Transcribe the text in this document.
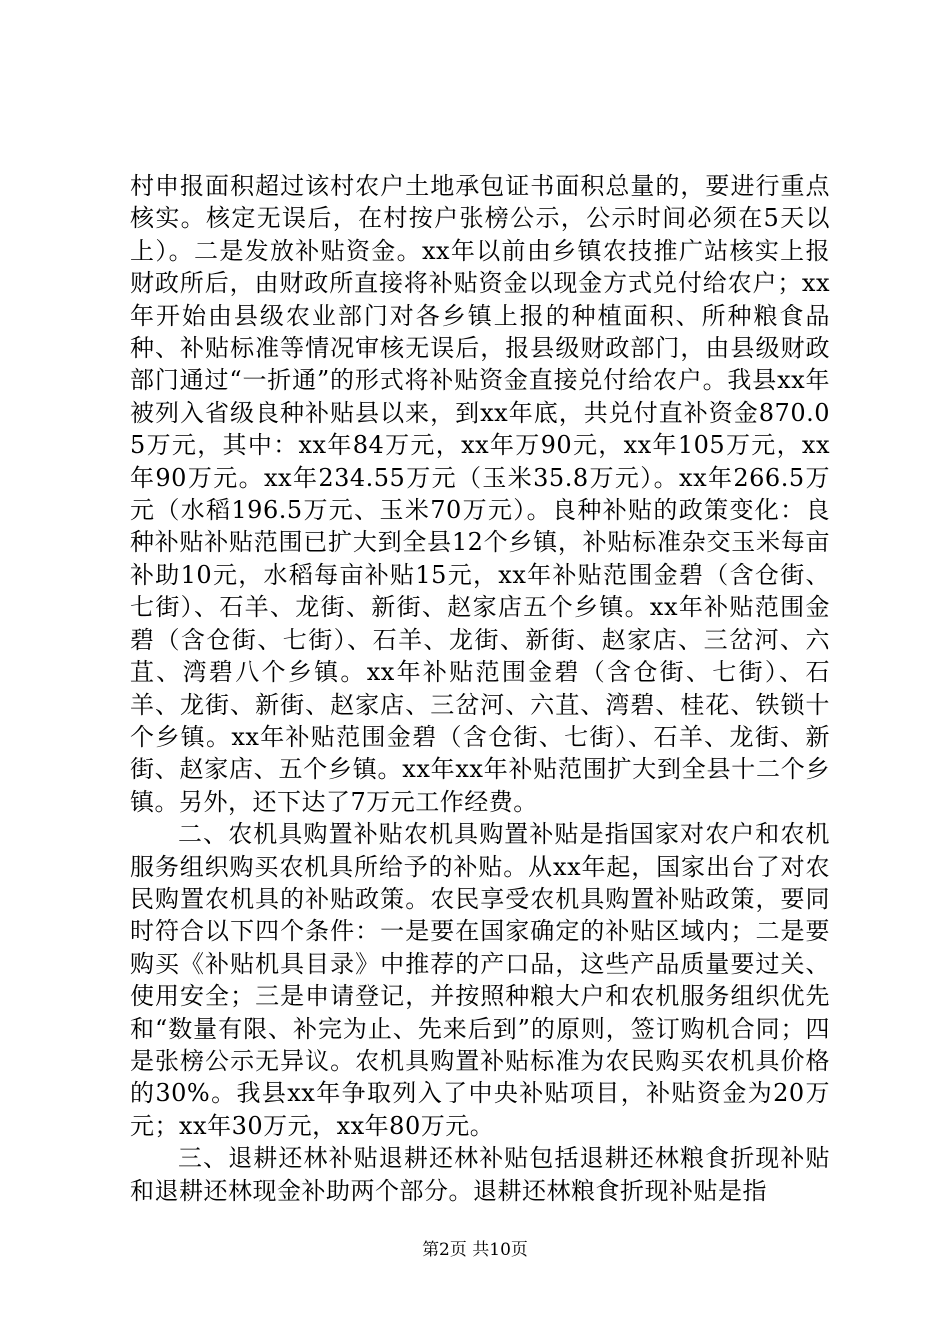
村申报面积超过该村农户土地承包证书面积总量的，要进行重点核实。核定无误后，在村按户张榜公示，公示时间必须在5天以上）。二是发放补贴资金。xx年以前由乡镇农技推广站核实上报财政所后，由财政所直接将补贴资金以现金方式兑付给农户；xx年开始由县级农业部门对各乡镇上报的种植面积、所种粮食品种、补贴标准等情况审核无误后，报县级财政部门，由县级财政部门通过“一折通”的形式将补贴资金直接兑付给农户。我县xx年被列入省级良种补贴县以来，到xx年底，共兑付直补资金870.05万元，其中：xx年84万元，xx年万90元，xx年105万元，xx年90万元。xx年234.55万元（玉米35.8万元）。xx年266.5万元（水稻196.5万元、玉米70万元）。良种补贴的政策变化：良种补贴补贴范围已扩大到全县12个乡镇，补贴标准杂交玉米每亩补助10元，水稻每亩补贴15元，xx年补贴范围金碧（含仓街、七街）、石羊、龙街、新街、赵家店五个乡镇。xx年补贴范围金碧（含仓街、七街）、石羊、龙街、新街、赵家店、三岔河、六苴、湾碧八个乡镇。xx年补贴范围金碧（含仓街、七街）、石羊、龙街、新街、赵家店、三岔河、六苴、湾碧、桂花、铁锁十个乡镇。xx年补贴范围金碧（含仓街、七街）、石羊、龙街、新街、赵家店、五个乡镇。xx年xx年补贴范围扩大到全县十二个乡镇。另外，还下达了7万元工作经费。

二、农机具购置补贴农机具购置补贴是指国家对农户和农机服务组织购买农机具所给予的补贴。从xx年起，国家出台了对农民购置农机具的补贴政策。农民享受农机具购置补贴政策，要同时符合以下四个条件：一是要在国家确定的补贴区域内；二是要购买《补贴机具目录》中推荐的产口品，这些产品质量要过关、使用安全；三是申请登记，并按照种粮大户和农机服务组织优先和“数量有限、补完为止、先来后到”的原则，签订购机合同；四是张榜公示无异议。农机具购置补贴标准为农民购买农机具价格的30%。我县xx年争取列入了中央补贴项目，补贴资金为20万元；xx年30万元，xx年80万元。

三、退耕还林补贴退耕还林补贴包括退耕还林粮食折现补贴和退耕还林现金补助两个部分。退耕还林粮食折现补贴是指

第2页 共10页
